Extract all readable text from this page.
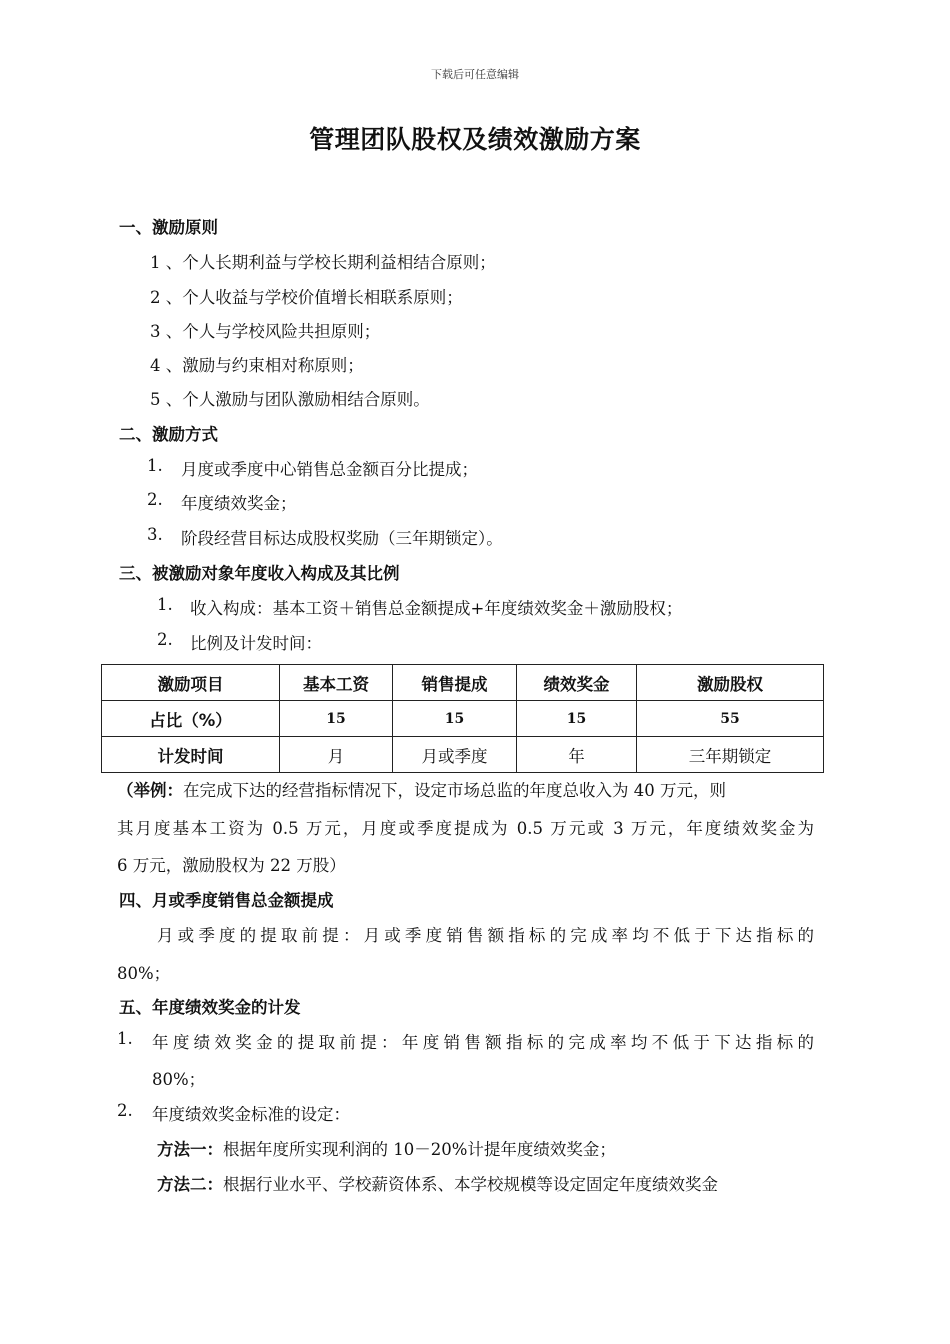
下载后可任意编辑
管理团队股权及绩效激励方案
一、激励原则
1 、个人长期利益与学校长期利益相结合原则；
2 、个人收益与学校价值增长相联系原则；
3 、个人与学校风险共担原则；
4 、激励与约束相对称原则；
5 、个人激励与团队激励相结合原则。
二、激励方式
1. 月度或季度中心销售总金额百分比提成；
2. 年度绩效奖金；
3. 阶段经营目标达成股权奖励（三年期锁定）。
三、被激励对象年度收入构成及其比例
1. 收入构成：基本工资＋销售总金额提成+年度绩效奖金＋激励股权；
2. 比例及计发时间：
激励项目	基本工资	销售提成	绩效奖金	激励股权
占比（%）	15	15	15	55
计发时间	月	月或季度	年	三年期锁定
（举例：在完成下达的经营指标情况下，设定市场总监的年度总收入为 40 万元，则
其月度基本工资为 0.5 万元，月度或季度提成为 0.5 万元或 3 万元，年度绩效奖金为
6 万元，激励股权为 22 万股）
四、月或季度销售总金额提成
月或季度的提取前提：月或季度销售额指标的完成率均不低于下达指标的
80%；
五、年度绩效奖金的计发
1. 年度绩效奖金的提取前提：年度销售额指标的完成率均不低于下达指标的
80%；
2. 年度绩效奖金标准的设定：
方法一：根据年度所实现利润的 10－20%计提年度绩效奖金；
方法二：根据行业水平、学校薪资体系、本学校规模等设定固定年度绩效奖金
